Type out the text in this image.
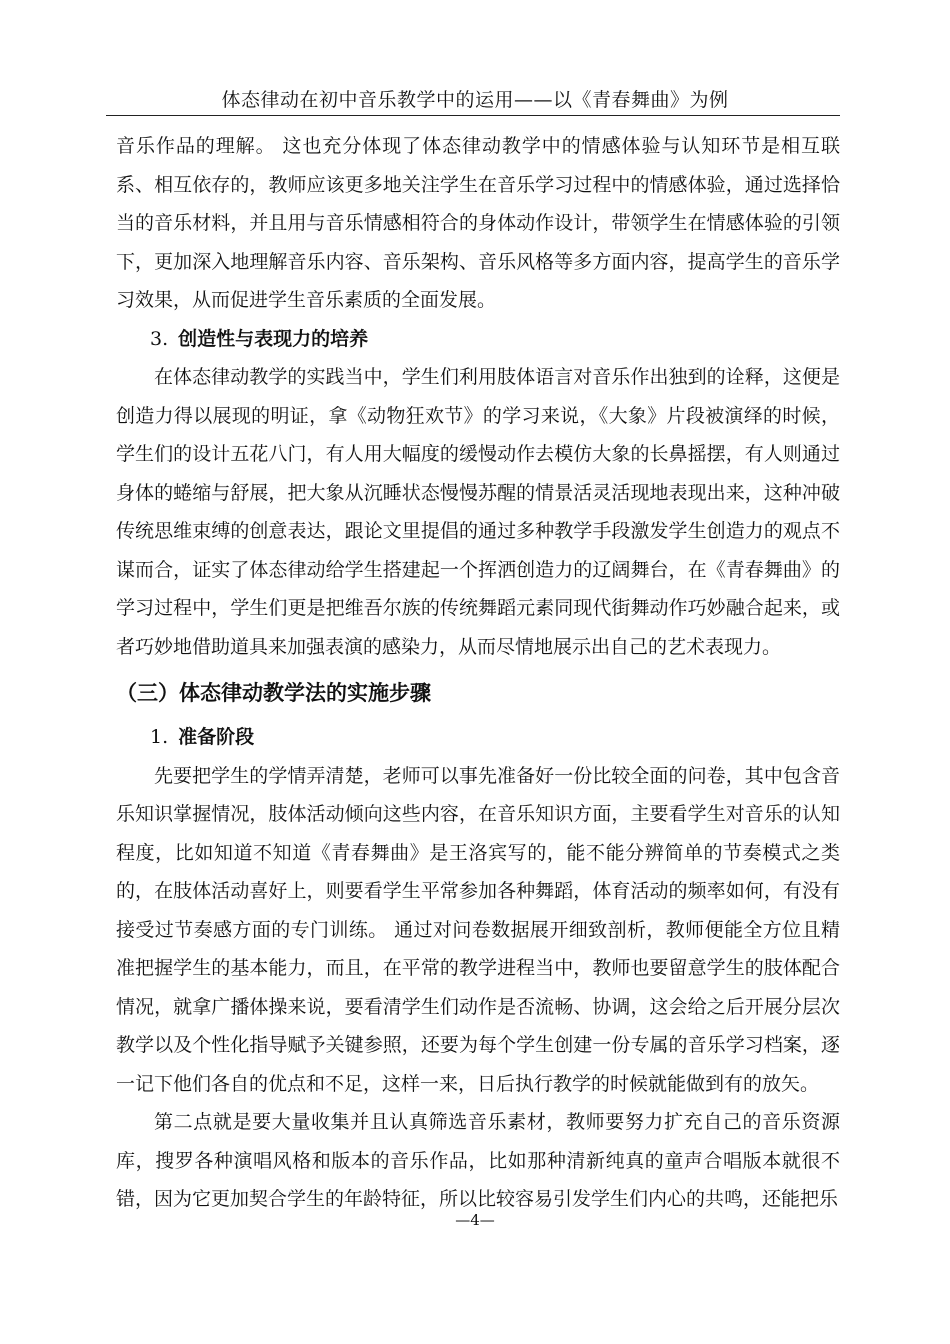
体态律动在初中音乐教学中的运用——以《青春舞曲》为例

音乐作品的理解。 这也充分体现了体态律动教学中的情感体验与认知环节是相互联系、相互依存的，教师应该更多地关注学生在音乐学习过程中的情感体验，通过选择恰当的音乐材料，并且用与音乐情感相符合的身体动作设计，带领学生在情感体验的引领下，更加深入地理解音乐内容、音乐架构、音乐风格等多方面内容，提高学生的音乐学习效果，从而促进学生音乐素质的全面发展。

3. 创造性与表现力的培养

在体态律动教学的实践当中，学生们利用肢体语言对音乐作出独到的诠释，这便是创造力得以展现的明证，拿《动物狂欢节》的学习来说，《大象》片段被演绎的时候，学生们的设计五花八门，有人用大幅度的缓慢动作去模仿大象的长鼻摇摆，有人则通过身体的蜷缩与舒展，把大象从沉睡状态慢慢苏醒的情景活灵活现地表现出来，这种冲破传统思维束缚的创意表达，跟论文里提倡的通过多种教学手段激发学生创造力的观点不谋而合，证实了体态律动给学生搭建起一个挥洒创造力的辽阔舞台，在《青春舞曲》的学习过程中，学生们更是把维吾尔族的传统舞蹈元素同现代街舞动作巧妙融合起来，或者巧妙地借助道具来加强表演的感染力，从而尽情地展示出自己的艺术表现力。

（三）体态律动教学法的实施步骤

1. 准备阶段

先要把学生的学情弄清楚，老师可以事先准备好一份比较全面的问卷，其中包含音乐知识掌握情况，肢体活动倾向这些内容，在音乐知识方面，主要看学生对音乐的认知程度，比如知道不知道《青春舞曲》是王洛宾写的，能不能分辨简单的节奏模式之类的，在肢体活动喜好上，则要看学生平常参加各种舞蹈，体育活动的频率如何，有没有接受过节奏感方面的专门训练。 通过对问卷数据展开细致剖析，教师便能全方位且精准把握学生的基本能力，而且，在平常的教学进程当中，教师也要留意学生的肢体配合情况，就拿广播体操来说，要看清学生们动作是否流畅、协调，这会给之后开展分层次教学以及个性化指导赋予关键参照，还要为每个学生创建一份专属的音乐学习档案，逐一记下他们各自的优点和不足，这样一来，日后执行教学的时候就能做到有的放矢。

第二点就是要大量收集并且认真筛选音乐素材，教师要努力扩充自己的音乐资源库，搜罗各种演唱风格和版本的音乐作品，比如那种清新纯真的童声合唱版本就很不错，因为它更加契合学生的年龄特征，所以比较容易引发学生们内心的共鸣，还能把乐

—4—
